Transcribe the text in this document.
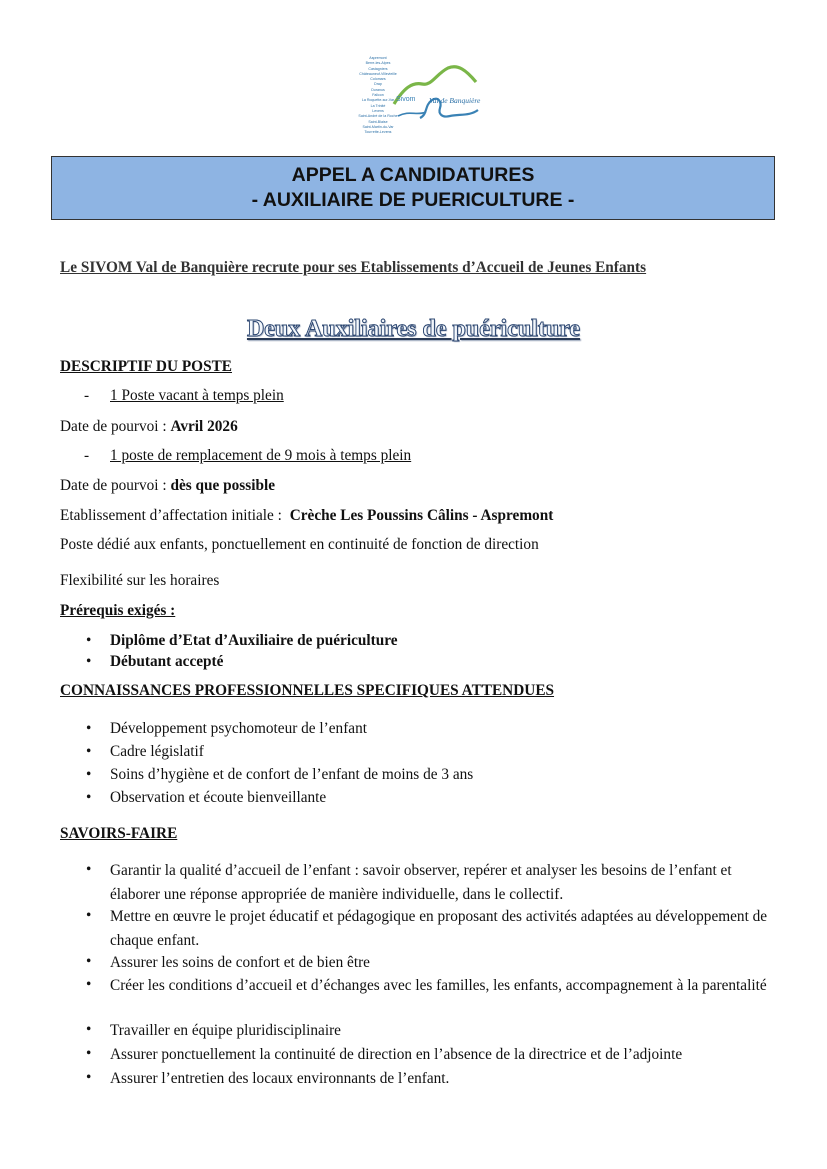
Aspremont
Berre-les-Alpes
Castagniers
Châteauneuf-Villevieille
Colomars
Drap
Duranus
Falicon
La Roquette-sur-Var
La Trinité
Levens
Saint-André de la Roche
Saint-Blaise
Saint-Martin-du-Var
Tourrette-Levens
Sivom Val de Banquière
APPEL A CANDIDATURES
- AUXILIAIRE DE PUERICULTURE -
Le SIVOM Val de Banquière recrute pour ses Etablissements d’Accueil de Jeunes Enfants
Deux Auxiliaires de puériculture
DESCRIPTIF DU POSTE
- 1 Poste vacant à temps plein
Date de pourvoi : Avril 2026
- 1 poste de remplacement de 9 mois à temps plein
Date de pourvoi : dès que possible
Etablissement d’affectation initiale : Crèche Les Poussins Câlins - Aspremont
Poste dédié aux enfants, ponctuellement en continuité de fonction de direction
Flexibilité sur les horaires
Prérequis exigés :
• Diplôme d’Etat d’Auxiliaire de puériculture
• Débutant accepté
CONNAISSANCES PROFESSIONNELLES SPECIFIQUES ATTENDUES
• Développement psychomoteur de l’enfant
• Cadre législatif
• Soins d’hygiène et de confort de l’enfant de moins de 3 ans
• Observation et écoute bienveillante
SAVOIRS-FAIRE
• Garantir la qualité d’accueil de l’enfant : savoir observer, repérer et analyser les besoins de l’enfant et élaborer une réponse appropriée de manière individuelle, dans le collectif.
• Mettre en œuvre le projet éducatif et pédagogique en proposant des activités adaptées au développement de chaque enfant.
• Assurer les soins de confort et de bien être
• Créer les conditions d’accueil et d’échanges avec les familles, les enfants, accompagnement à la parentalité
• Travailler en équipe pluridisciplinaire
• Assurer ponctuellement la continuité de direction en l’absence de la directrice et de l’adjointe
• Assurer l’entretien des locaux environnants de l’enfant.
